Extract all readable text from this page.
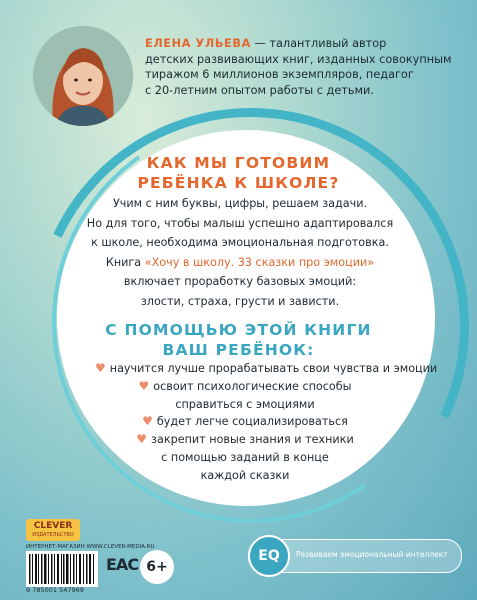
ЕЛЕНА УЛЬЕВА — талантливый автор
детских развивающих книг, изданных совокупным
тиражом 6 миллионов экземпляров, педагог
с 20-летним опытом работы с детьми.
КАК МЫ ГОТОВИМ
РЕБЁНКА К ШКОЛЕ?
Учим с ним буквы, цифры, решаем задачи.
Но для того, чтобы малыш успешно адаптировался
к школе, необходима эмоциональная подготовка.
Книга «Хочу в школу. 33 сказки про эмоции»
включает проработку базовых эмоций:
злости, страха, грусти и зависти.
С ПОМОЩЬЮ ЭТОЙ КНИГИ
ВАШ РЕБЁНОК:
♥ научится лучше прорабатывать свои чувства и эмоции
♥ освоит психологические способы
справиться с эмоциями
♥ будет легче социализироваться
♥ закрепит новые знания и техники
с помощью заданий в конце
каждой сказки
CLEVER
ИЗДАТЕЛЬСТВО
ИНТЕРНЕТ-МАГАЗИН WWW.CLEVER-MEDIA.RU
9 785001 547969
ЕАС 6+
EQ	Развиваем эмоциональный интеллект
